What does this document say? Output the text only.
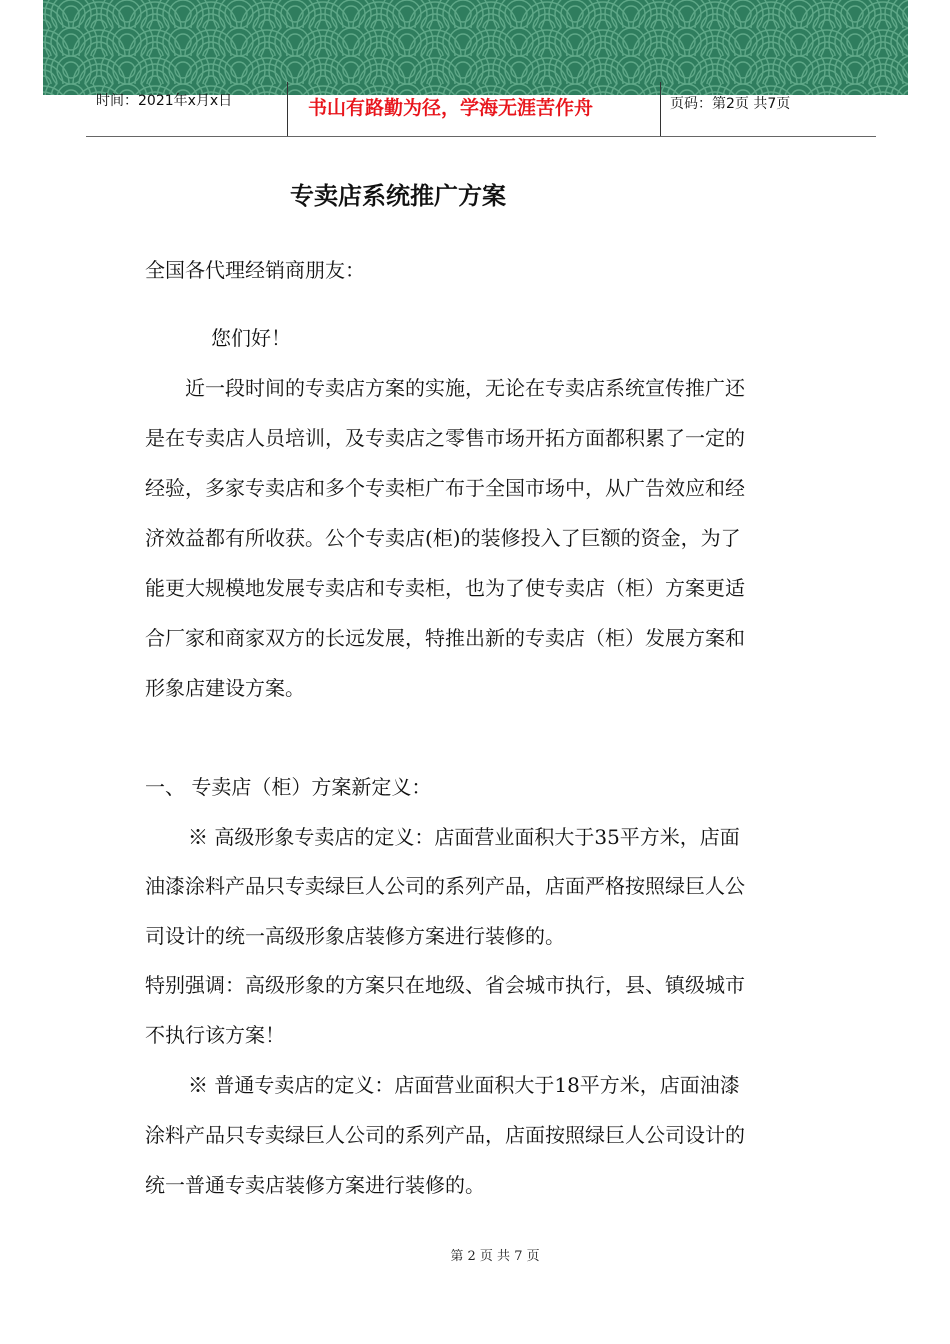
时间：2021年x月x日	书山有路勤为径，学海无涯苦作舟	页码：第2页 共7页
专卖店系统推广方案
全国各代理经销商朋友：
您们好！
近一段时间的专卖店方案的实施，无论在专卖店系统宣传推广还
是在专卖店人员培训，及专卖店之零售市场开拓方面都积累了一定的
经验，多家专卖店和多个专卖柜广布于全国市场中，从广告效应和经
济效益都有所收获。公个专卖店(柜)的装修投入了巨额的资金，为了
能更大规模地发展专卖店和专卖柜，也为了使专卖店（柜）方案更适
合厂家和商家双方的长远发展，特推出新的专卖店（柜）发展方案和
形象店建设方案。
一、 专卖店（柜）方案新定义：
※ 高级形象专卖店的定义：店面营业面积大于35平方米，店面
油漆涂料产品只专卖绿巨人公司的系列产品，店面严格按照绿巨人公
司设计的统一高级形象店装修方案进行装修的。
特别强调：高级形象的方案只在地级、省会城市执行，县、镇级城市
不执行该方案！
※ 普通专卖店的定义：店面营业面积大于18平方米，店面油漆
涂料产品只专卖绿巨人公司的系列产品，店面按照绿巨人公司设计的
统一普通专卖店装修方案进行装修的。
第 2 页 共 7 页
